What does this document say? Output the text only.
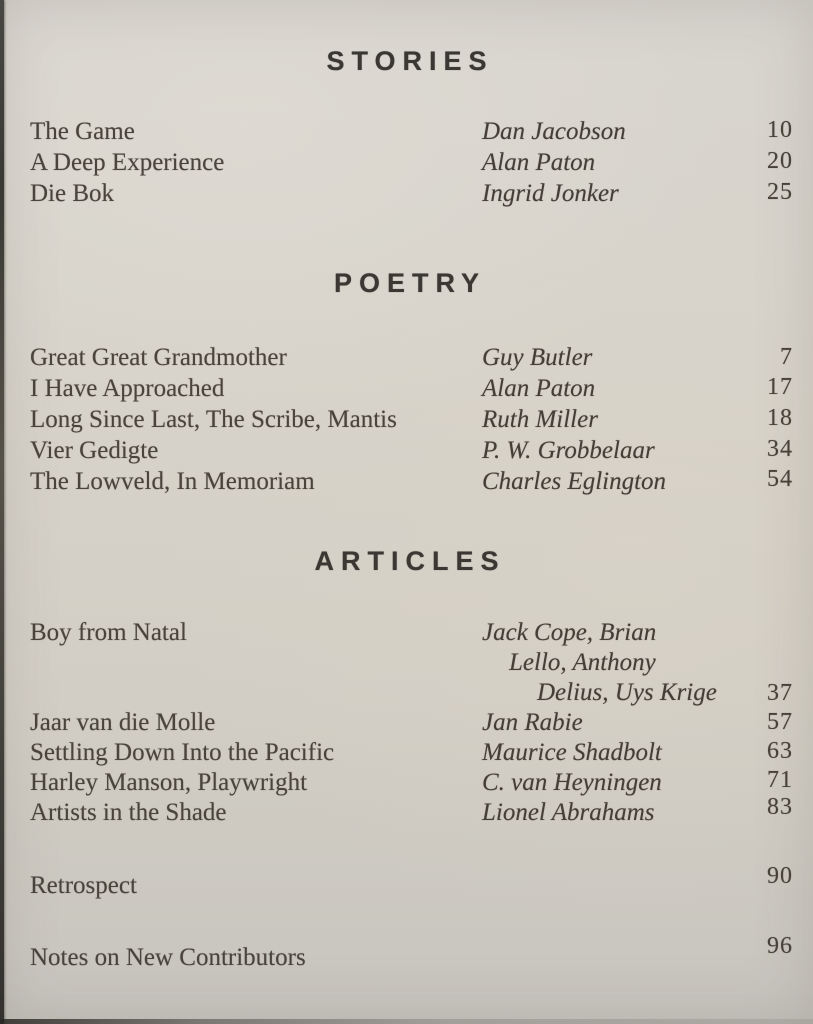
STORIES
The Game	Dan Jacobson	10
A Deep Experience	Alan Paton	20
Die Bok	Ingrid Jonker	25
POETRY
Great Great Grandmother	Guy Butler	7
I Have Approached	Alan Paton	17
Long Since Last, The Scribe, Mantis	Ruth Miller	18
Vier Gedigte	P. W. Grobbelaar	34
The Lowveld, In Memoriam	Charles Eglington	54
ARTICLES
Boy from Natal	Jack Cope, Brian
Lello, Anthony
Delius, Uys Krige	37
Jaar van die Molle	Jan Rabie	57
Settling Down Into the Pacific	Maurice Shadbolt	63
Harley Manson, Playwright	C. van Heyningen	71
Artists in the Shade	Lionel Abrahams	83
Retrospect	90
Notes on New Contributors	96
